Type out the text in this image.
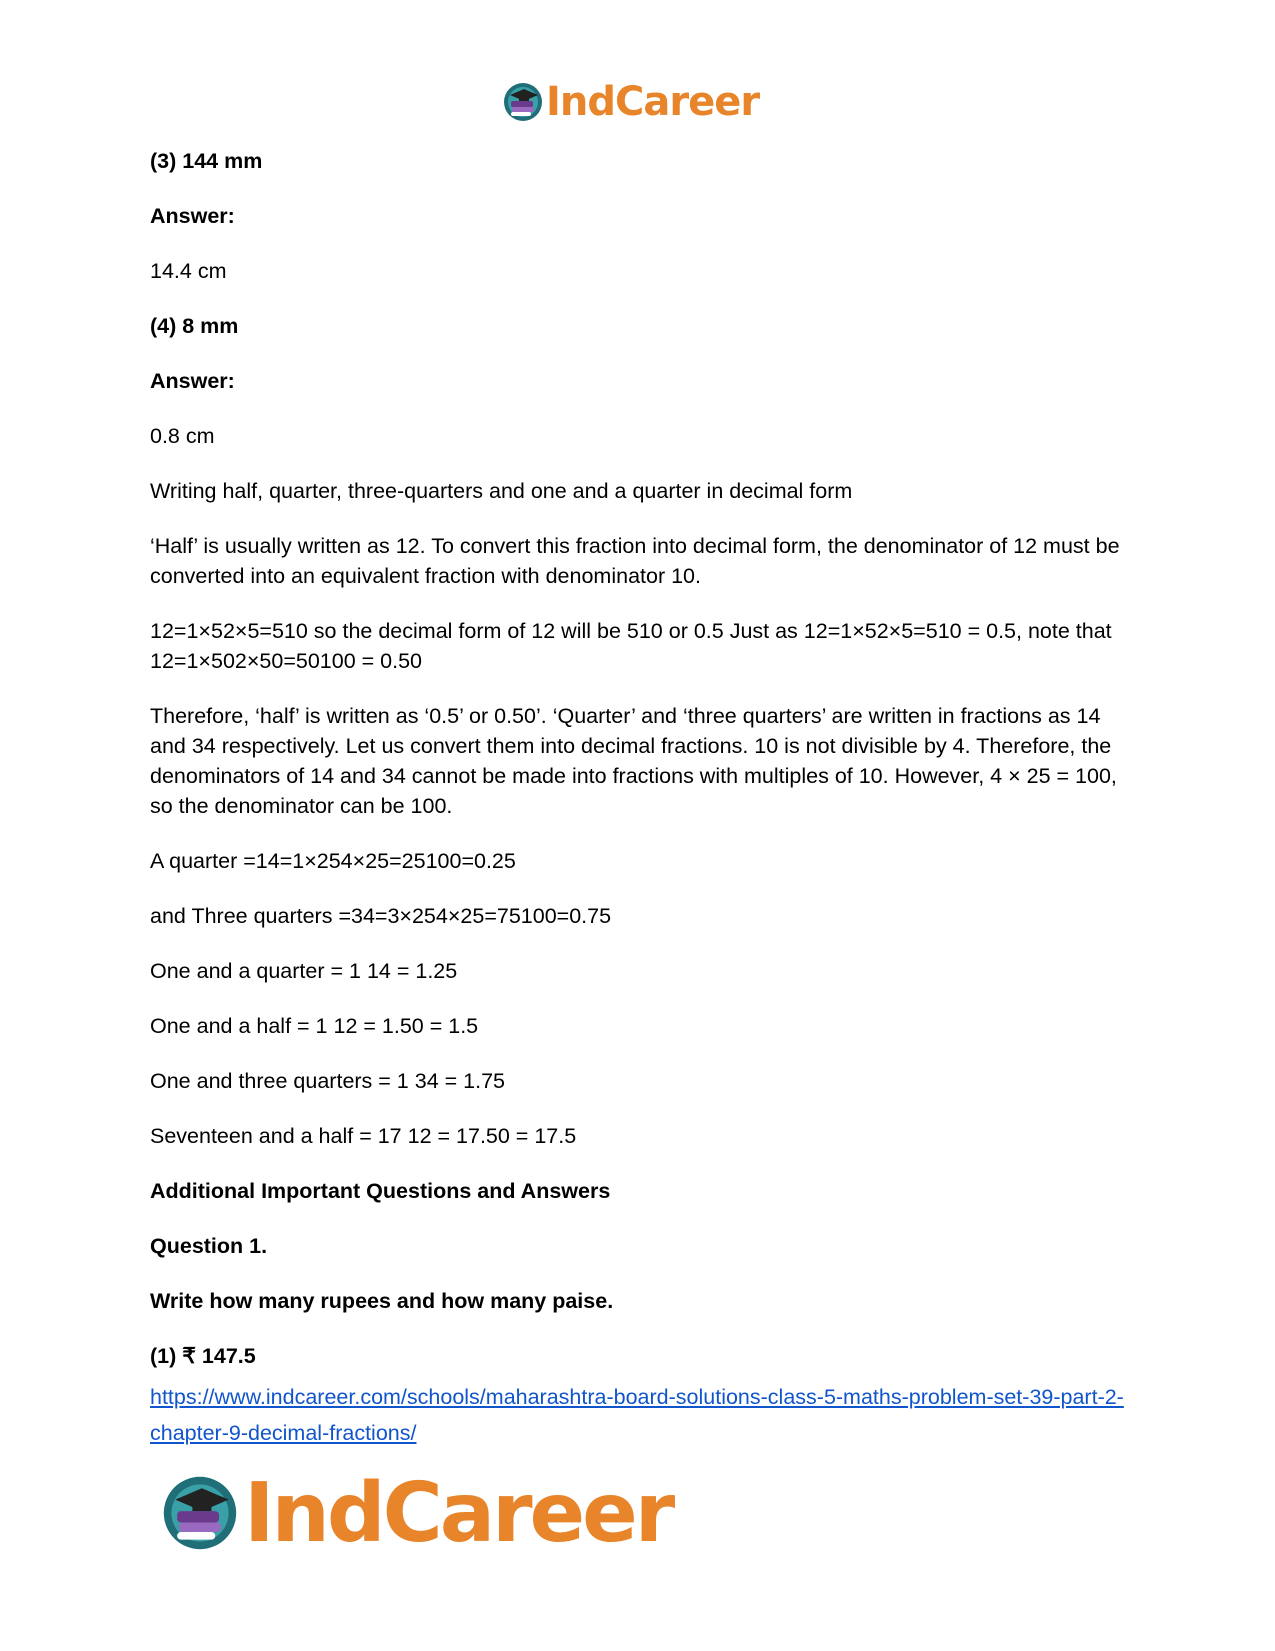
IndCareer

(3) 144 mm

Answer:

14.4 cm

(4) 8 mm

Answer:

0.8 cm

Writing half, quarter, three-quarters and one and a quarter in decimal form

‘Half’ is usually written as 12. To convert this fraction into decimal form, the denominator of 12 must be converted into an equivalent fraction with denominator 10.

12=1×52×5=510 so the decimal form of 12 will be 510 or 0.5 Just as 12=1×52×5=510 = 0.5, note that 12=1×502×50=50100 = 0.50

Therefore, ‘half’ is written as ‘0.5’ or 0.50’. ‘Quarter’ and ‘three quarters’ are written in fractions as 14 and 34 respectively. Let us convert them into decimal fractions. 10 is not divisible by 4. Therefore, the denominators of 14 and 34 cannot be made into fractions with multiples of 10. However, 4 × 25 = 100, so the denominator can be 100.

A quarter =14=1×254×25=25100=0.25

and Three quarters =34=3×254×25=75100=0.75

One and a quarter = 1 14 = 1.25

One and a half = 1 12 = 1.50 = 1.5

One and three quarters = 1 34 = 1.75

Seventeen and a half = 17 12 = 17.50 = 17.5

Additional Important Questions and Answers

Question 1.

Write how many rupees and how many paise.

(1) ₹ 147.5

https://www.indcareer.com/schools/maharashtra-board-solutions-class-5-maths-problem-set-39-part-2-chapter-9-decimal-fractions/
IndCareer
